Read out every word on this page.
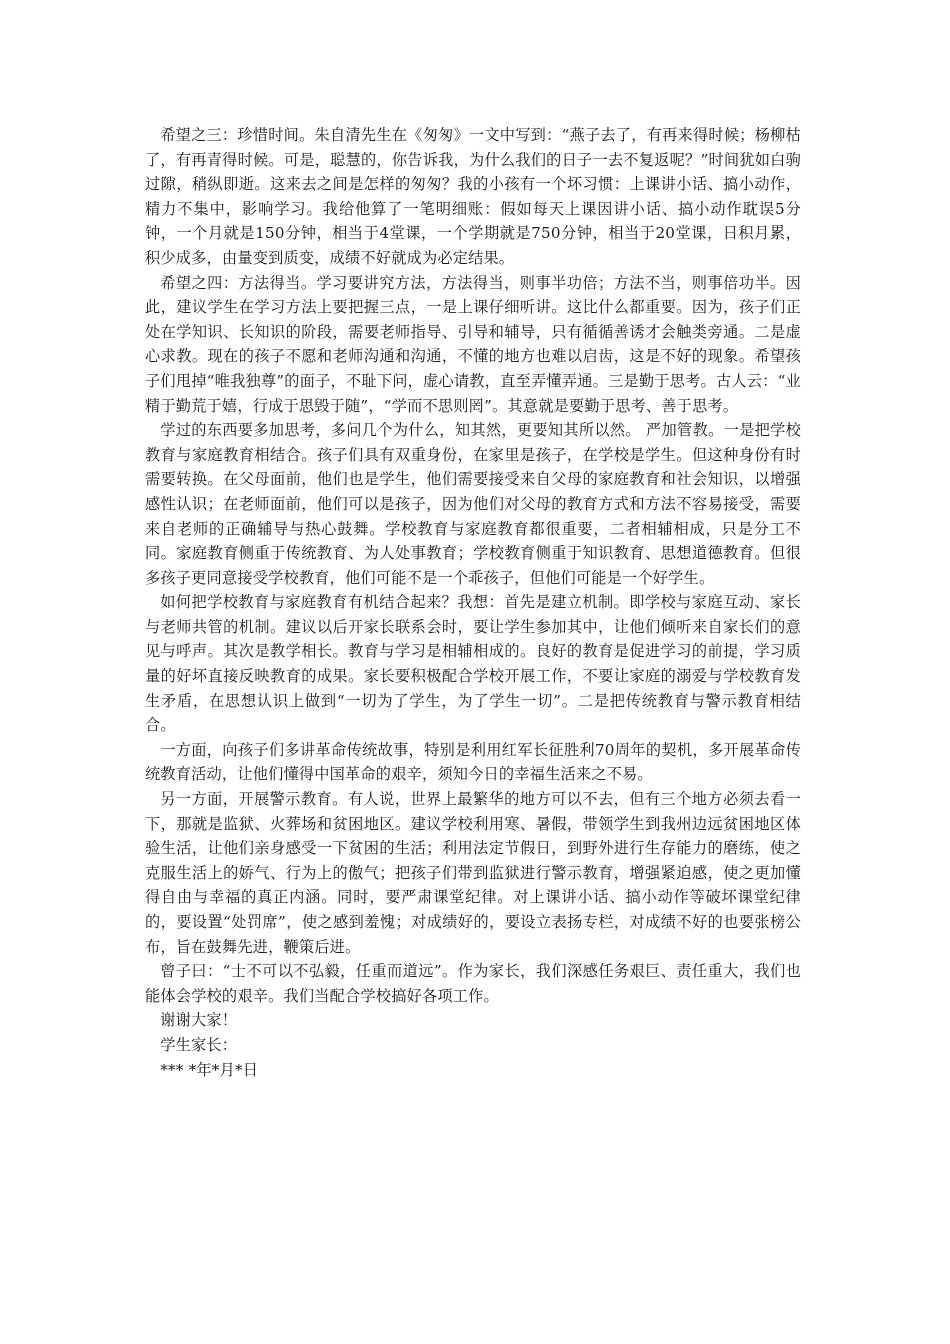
希望之三：珍惜时间。朱自清先生在《匆匆》一文中写到：“燕子去了，有再来得时候；杨柳枯了，有再青得时候。可是，聪慧的，你告诉我，为什么我们的日子一去不复返呢？”时间犹如白驹过隙，稍纵即逝。这来去之间是怎样的匆匆？我的小孩有一个坏习惯：上课讲小话、搞小动作，精力不集中，影响学习。我给他算了一笔明细账：假如每天上课因讲小话、搞小动作耽误5分钟，一个月就是150分钟，相当于4堂课，一个学期就是750分钟，相当于20堂课，日积月累，积少成多，由量变到质变，成绩不好就成为必定结果。

希望之四：方法得当。学习要讲究方法，方法得当，则事半功倍；方法不当，则事倍功半。因此，建议学生在学习方法上要把握三点，一是上课仔细听讲。这比什么都重要。因为，孩子们正处在学知识、长知识的阶段，需要老师指导、引导和辅导，只有循循善诱才会触类旁通。二是虚心求教。现在的孩子不愿和老师沟通和沟通，不懂的地方也难以启齿，这是不好的现象。希望孩子们甩掉“唯我独尊”的面子，不耻下问，虚心请教，直至弄懂弄通。三是勤于思考。古人云：“业精于勤荒于嬉，行成于思毁于随”，“学而不思则罔”。其意就是要勤于思考、善于思考。

学过的东西要多加思考，多问几个为什么，知其然，更要知其所以然。 严加管教。一是把学校教育与家庭教育相结合。孩子们具有双重身份，在家里是孩子，在学校是学生。但这种身份有时需要转换。在父母面前，他们也是学生，他们需要接受来自父母的家庭教育和社会知识，以增强感性认识；在老师面前，他们可以是孩子，因为他们对父母的教育方式和方法不容易接受，需要来自老师的正确辅导与热心鼓舞。学校教育与家庭教育都很重要，二者相辅相成，只是分工不同。家庭教育侧重于传统教育、为人处事教育；学校教育侧重于知识教育、思想道德教育。但很多孩子更同意接受学校教育，他们可能不是一个乖孩子，但他们可能是一个好学生。

如何把学校教育与家庭教育有机结合起来？我想：首先是建立机制。即学校与家庭互动、家长与老师共管的机制。建议以后开家长联系会时，要让学生参加其中，让他们倾听来自家长们的意见与呼声。其次是教学相长。教育与学习是相辅相成的。良好的教育是促进学习的前提，学习质量的好坏直接反映教育的成果。家长要积极配合学校开展工作，不要让家庭的溺爱与学校教育发生矛盾，在思想认识上做到“一切为了学生，为了学生一切”。二是把传统教育与警示教育相结合。

一方面，向孩子们多讲革命传统故事，特别是利用红军长征胜利70周年的契机，多开展革命传统教育活动，让他们懂得中国革命的艰辛，须知今日的幸福生活来之不易。

另一方面，开展警示教育。有人说，世界上最繁华的地方可以不去，但有三个地方必须去看一下，那就是监狱、火葬场和贫困地区。建议学校利用寒、暑假，带领学生到我州边远贫困地区体验生活，让他们亲身感受一下贫困的生活；利用法定节假日，到野外进行生存能力的磨练，使之克服生活上的娇气、行为上的傲气；把孩子们带到监狱进行警示教育，增强紧迫感，使之更加懂得自由与幸福的真正内涵。同时，要严肃课堂纪律。对上课讲小话、搞小动作等破坏课堂纪律的，要设置“处罚席”，使之感到羞愧；对成绩好的，要设立表扬专栏，对成绩不好的也要张榜公布，旨在鼓舞先进，鞭策后进。

曾子曰：“士不可以不弘毅，任重而道远”。作为家长，我们深感任务艰巨、责任重大，我们也能体会学校的艰辛。我们当配合学校搞好各项工作。

谢谢大家！

学生家长：

*** *年*月*日
